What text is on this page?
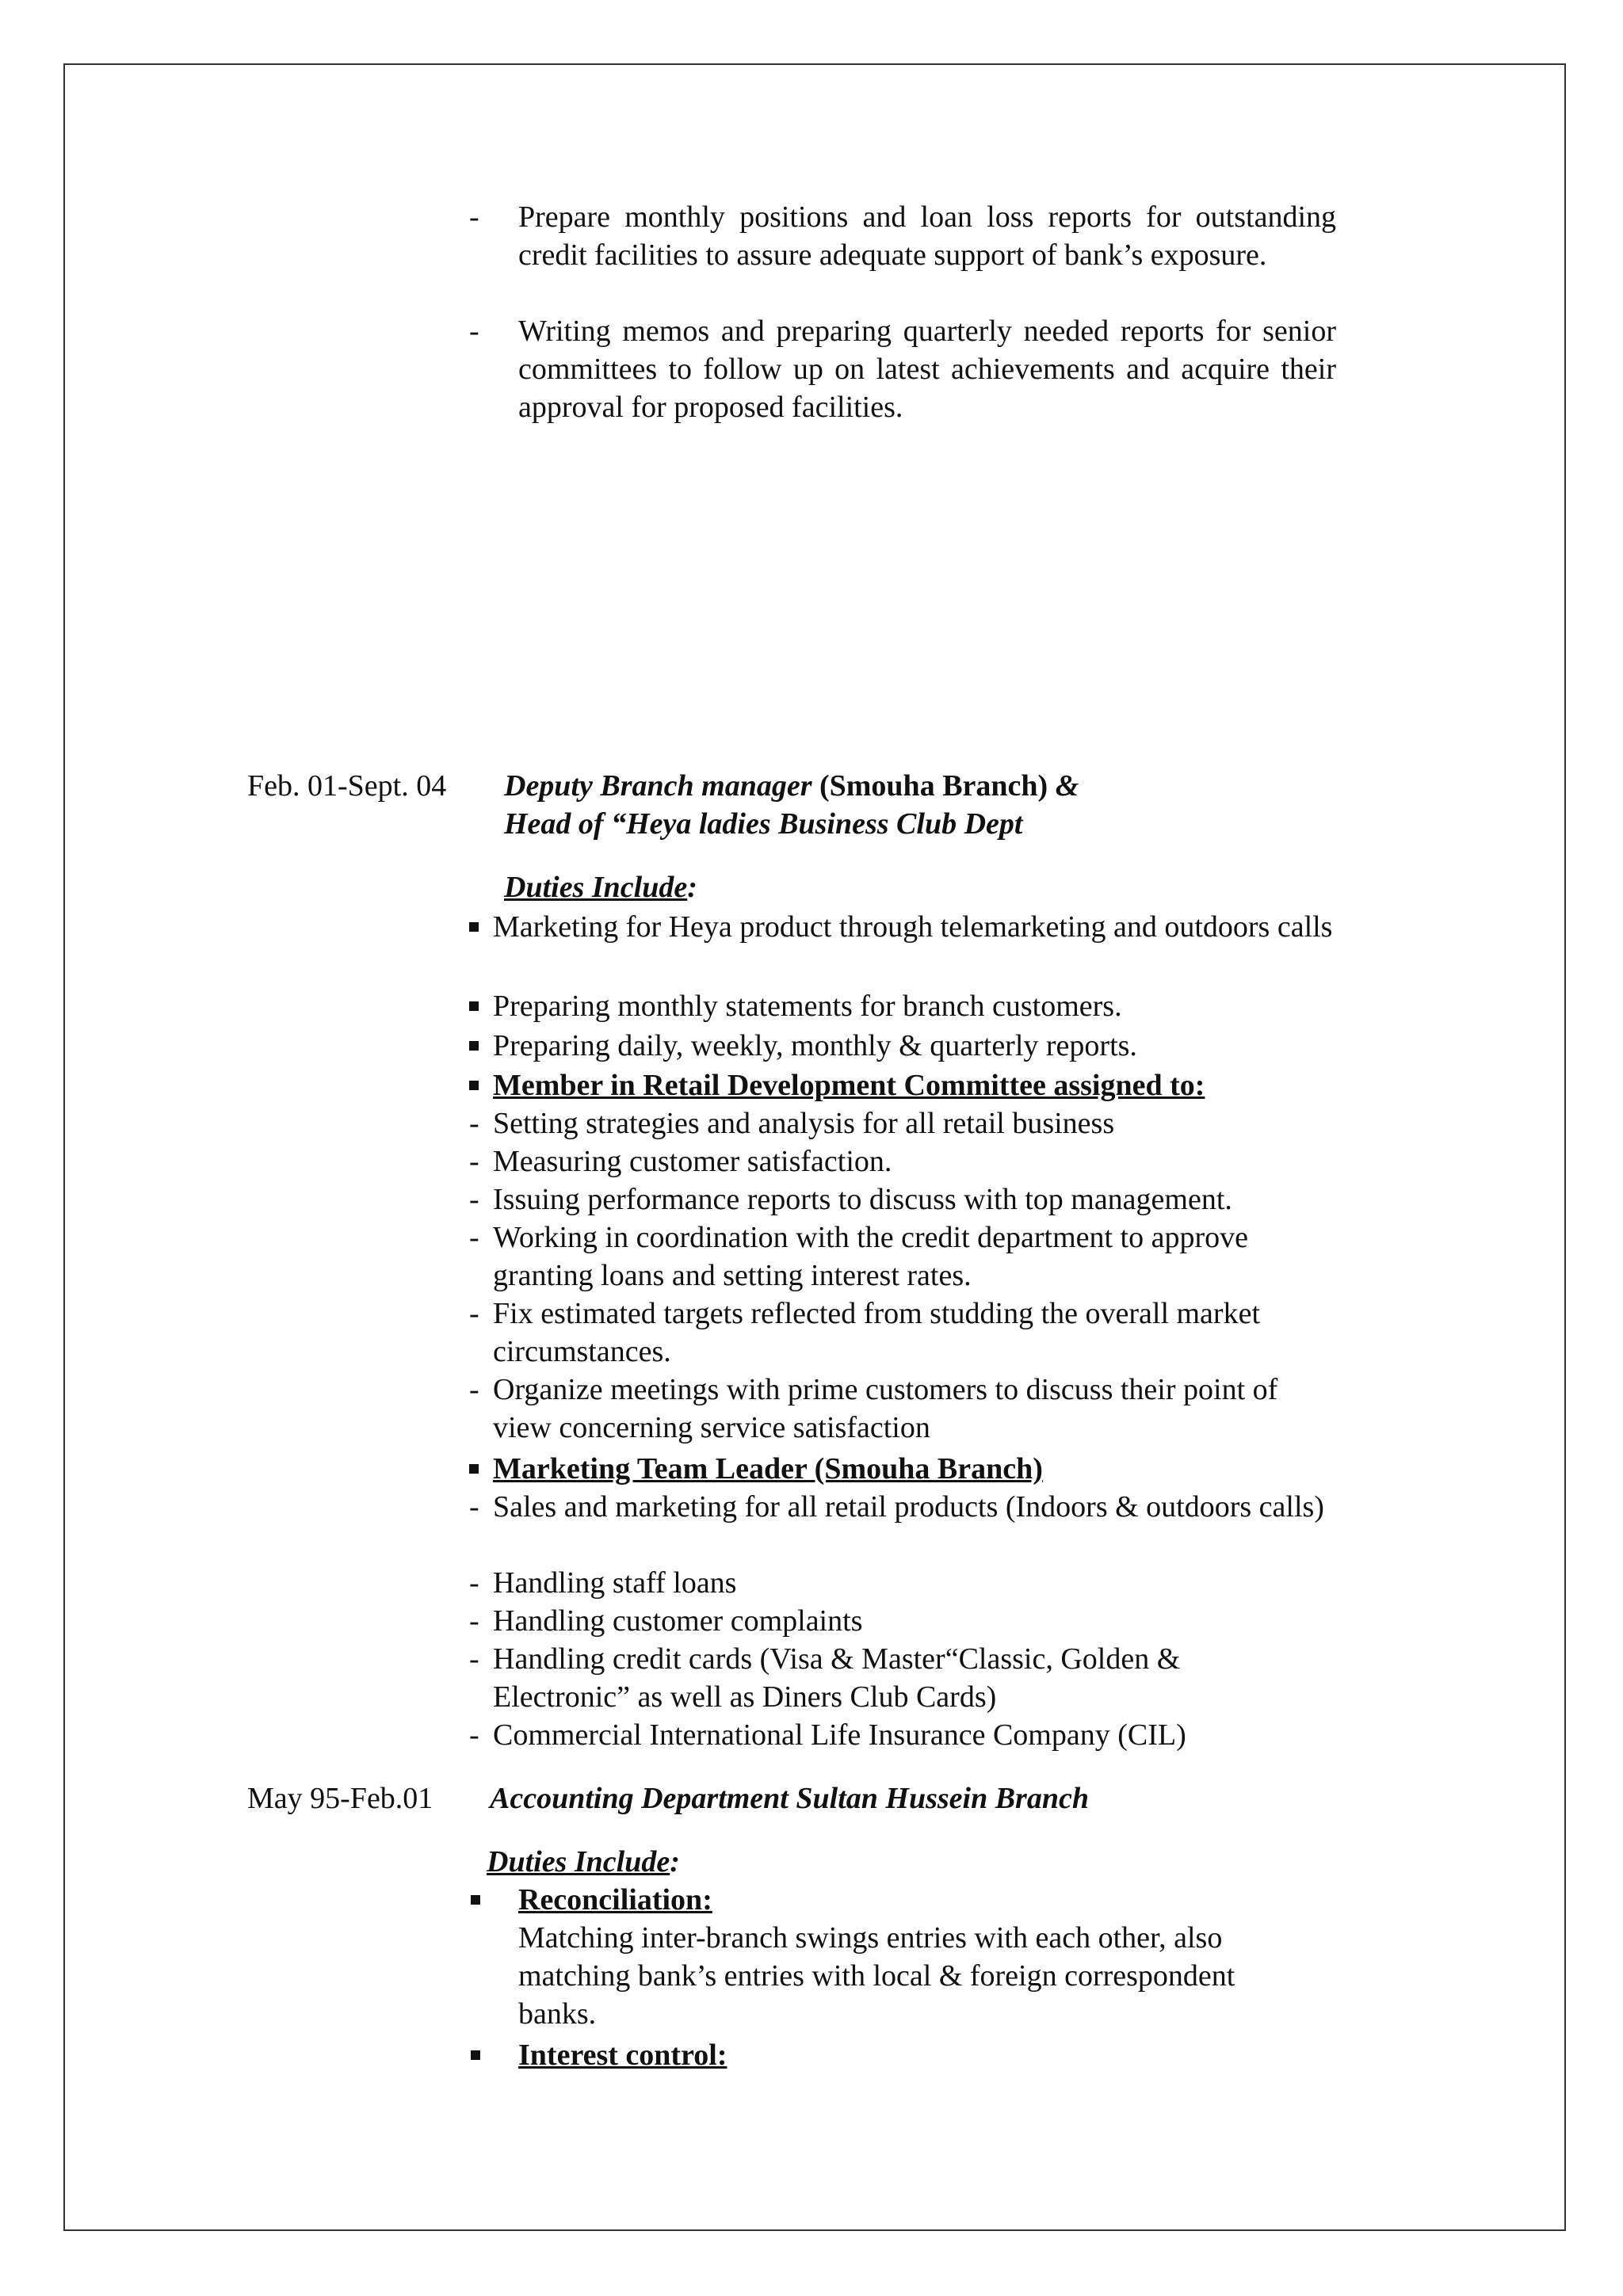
- Prepare monthly positions and loan loss reports for outstanding credit facilities to assure adequate support of bank’s exposure.
- Writing memos and preparing quarterly needed reports for senior committees to follow up on latest achievements and acquire their approval for proposed facilities.
Feb. 01-Sept. 04 Deputy Branch manager (Smouha Branch) &
Head of “Heya ladies Business Club Dept
Duties Include:
Marketing for Heya product through telemarketing and outdoors calls
Preparing monthly statements for branch customers.
Preparing daily, weekly, monthly & quarterly reports.
Member in Retail Development Committee assigned to:
- Setting strategies and analysis for all retail business
- Measuring customer satisfaction.
- Issuing performance reports to discuss with top management.
- Working in coordination with the credit department to approve granting loans and setting interest rates.
- Fix estimated targets reflected from studding the overall market circumstances.
- Organize meetings with prime customers to discuss their point of view concerning service satisfaction
Marketing Team Leader (Smouha Branch)
- Sales and marketing for all retail products (Indoors & outdoors calls)
- Handling staff loans
- Handling customer complaints
- Handling credit cards (Visa & Master“Classic, Golden & Electronic” as well as Diners Club Cards)
- Commercial International Life Insurance Company (CIL)
May 95-Feb.01 Accounting Department Sultan Hussein Branch
Duties Include:
Reconciliation:
Matching inter-branch swings entries with each other, also matching bank’s entries with local & foreign correspondent banks.
Interest control:
